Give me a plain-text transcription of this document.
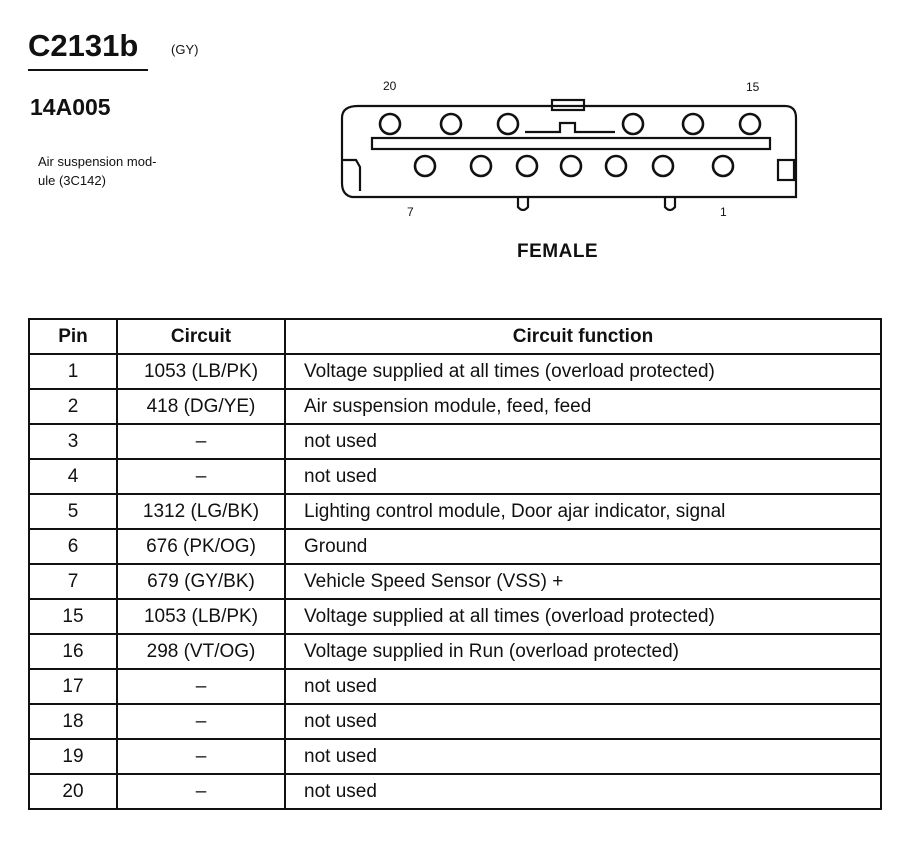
C2131b	(GY)
14A005
Air suspension mod-
ule (3C142)
20	15
7	1
FEMALE
Pin	Circuit	Circuit function
1	1053 (LB/PK)	Voltage supplied at all times (overload protected)
2	418 (DG/YE)	Air suspension module, feed, feed
3	–	not used
4	–	not used
5	1312 (LG/BK)	Lighting control module, Door ajar indicator, signal
6	676 (PK/OG)	Ground
7	679 (GY/BK)	Vehicle Speed Sensor (VSS) +
15	1053 (LB/PK)	Voltage supplied at all times (overload protected)
16	298 (VT/OG)	Voltage supplied in Run (overload protected)
17	–	not used
18	–	not used
19	–	not used
20	–	not used
